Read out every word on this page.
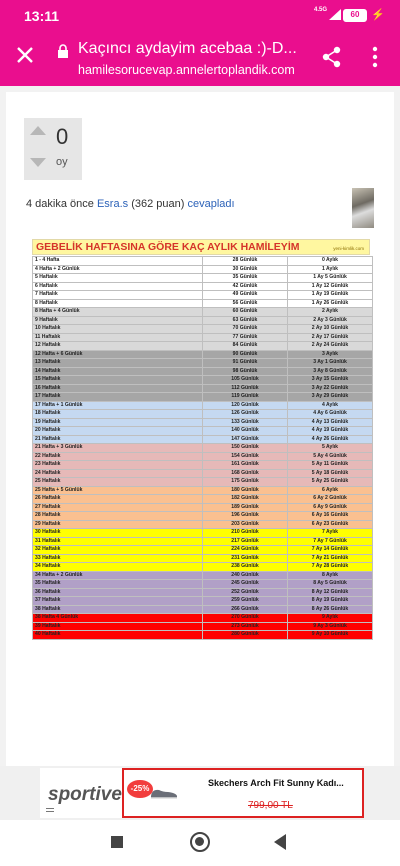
13:11	4.5G	60	⚡
Kaçıncı aydayim acebaa :)-D...
hamilesorucevap.annelertoplandik.com
0
oy
4 dakika önce Esra.s (362 puan) cevapladı
GEBELİK HAFTASINA GÖRE KAÇ AYLIK HAMİLEYİM	yeni-kimlik.com
1 - 4 Hafta	28 Günlük	0 Aylık
4 Hafta + 2 Günlük	30 Günlük	1 Aylık
5 Haftalık	35 Günlük	1 Ay 5 Günlük
6 Haftalık	42 Günlük	1 Ay 12 Günlük
7 Haftalık	49 Günlük	1 Ay 19 Günlük
8 Haftalık	56 Günlük	1 Ay 26 Günlük
8 Hafta + 4 Günlük	60 Günlük	2 Aylık
9 Haftalık	63 Günlük	2 Ay 3 Günlük
10 Haftalık	70 Günlük	2 Ay 10 Günlük
11 Haftalık	77 Günlük	2 Ay 17 Günlük
12 Haftalık	84 Günlük	2 Ay 24 Günlük
12 Hafta + 6 Günlük	90 Günlük	3 Aylık
13 Haftalık	91 Günlük	3 Ay 1 Günlük
14 Haftalık	98 Günlük	3 Ay 8 Günlük
15 Haftalık	105 Günlük	3 Ay 15 Günlük
16 Haftalık	112 Günlük	3 Ay 22 Günlük
17 Haftalık	119 Günlük	3 Ay 29 Günlük
17 Hafta + 1 Günlük	120 Günlük	4 Aylık
18 Haftalık	126 Günlük	4 Ay 6 Günlük
19 Haftalık	133 Günlük	4 Ay 13 Günlük
20 Haftalık	140 Günlük	4 Ay 19 Günlük
21 Haftalık	147 Günlük	4 Ay 26 Günlük
21 Hafta + 3 Günlük	150 Günlük	5 Aylık
22 Haftalık	154 Günlük	5 Ay 4 Günlük
23 Haftalık	161 Günlük	5 Ay 11 Günlük
24 Haftalık	168 Günlük	5 Ay 18 Günlük
25 Haftalık	175 Günlük	5 Ay 25 Günlük
25 Hafta + 5 Günlük	180 Günlük	6 Aylık
26 Haftalık	182 Günlük	6 Ay 2 Günlük
27 Haftalık	189 Günlük	6 Ay 9 Günlük
28 Haftalık	196 Günlük	6 Ay 16 Günlük
29 Haftalık	203 Günlük	6 Ay 23 Günlük
30 Haftalık	210 Günlük	7 Aylık
31 Haftalık	217 Günlük	7 Ay 7 Günlük
32 Haftalık	224 Günlük	7 Ay 14 Günlük
33 Haftalık	231 Günlük	7 Ay 21 Günlük
34 Haftalık	238 Günlük	7 Ay 28 Günlük
34 Hafta + 2 Günlük	240 Günlük	8 Aylık
35 Haftalık	245 Günlük	8 Ay 5 Günlük
36 Haftalık	252 Günlük	8 Ay 12 Günlük
37 Haftalık	259 Günlük	8 Ay 19 Günlük
38 Haftalık	266 Günlük	8 Ay 26 Günlük
38 Hafta 4 Günlük	270 Günlük	9 Aylık
39 Haftalık	273 Günlük	9 Ay 3 Günlük
40 Haftalık	280 Günlük	9 Ay 10 Günlük
sportive	-25%
Skechers Arch Fit Sunny Kadı...
799,00 TL
